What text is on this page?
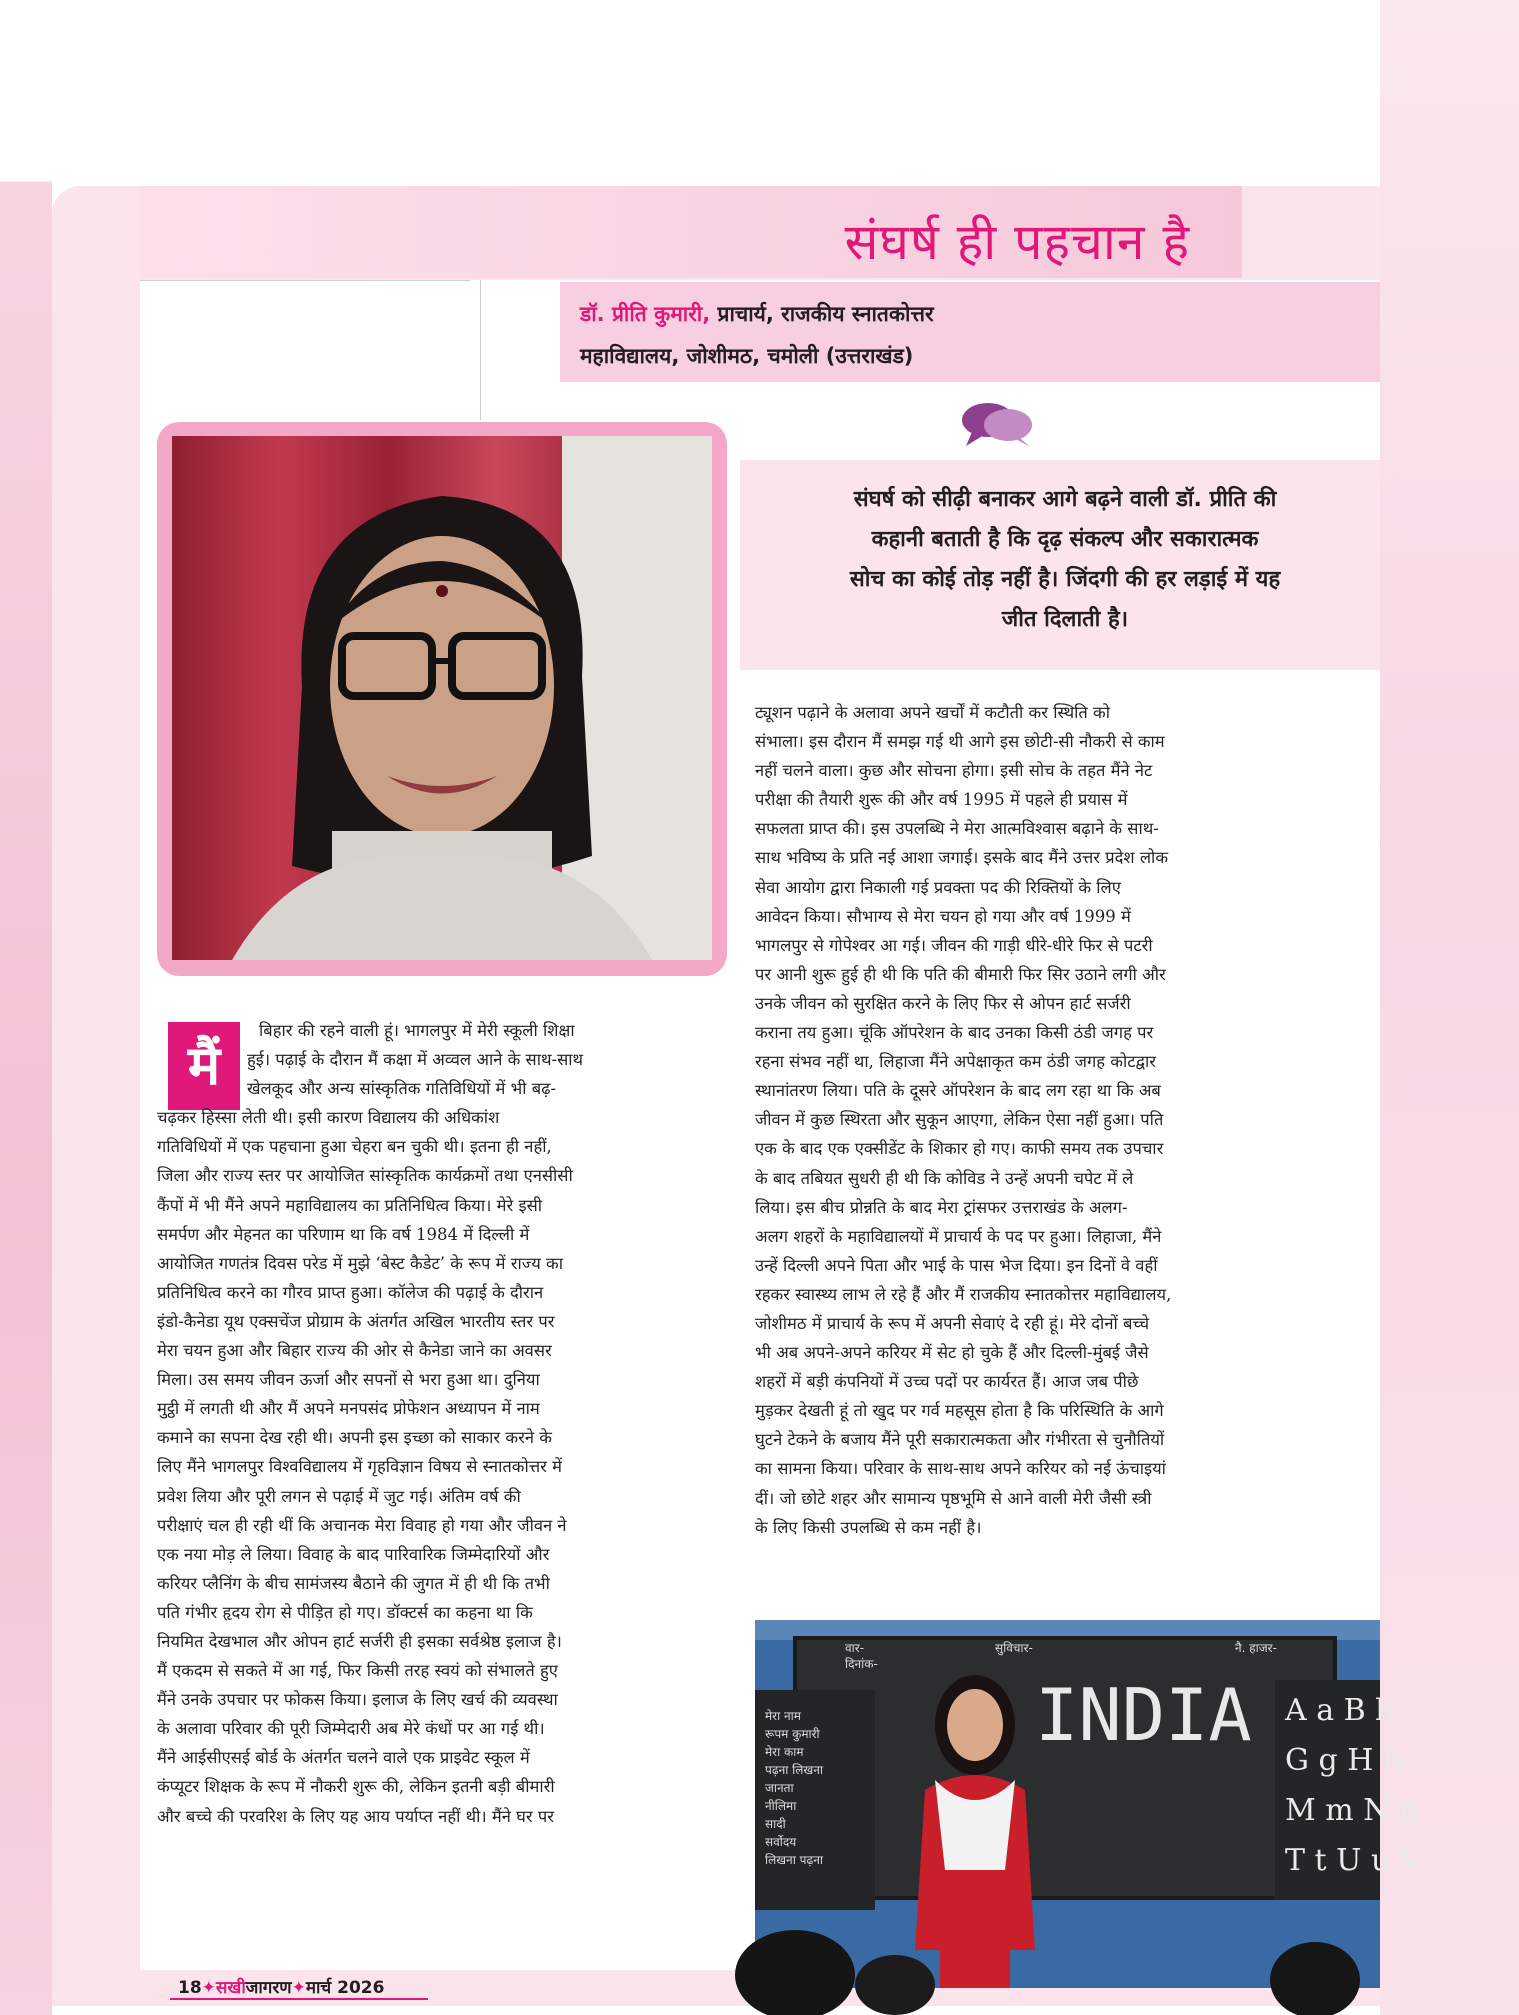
संघर्ष ही पहचान है
डॉ. प्रीति कुमारी, प्राचार्य, राजकीय स्नातकोत्तर
महाविद्यालय, जोशीमठ, चमोली (उत्तराखंड)
संघर्ष को सीढ़ी बनाकर आगे बढ़ने वाली डॉ. प्रीति की
कहानी बताती है कि दृढ़ संकल्प और सकारात्मक
सोच का कोई तोड़ नहीं है। जिंदगी की हर लड़ाई में यह
जीत दिलाती है।
ट्यूशन पढ़ाने के अलावा अपने खर्चों में कटौती कर स्थिति को
संभाला। इस दौरान मैं समझ गई थी आगे इस छोटी-सी नौकरी से काम
नहीं चलने वाला। कुछ और सोचना होगा। इसी सोच के तहत मैंने नेट
परीक्षा की तैयारी शुरू की और वर्ष 1995 में पहले ही प्रयास में
सफलता प्राप्त की। इस उपलब्धि ने मेरा आत्मविश्वास बढ़ाने के साथ-
साथ भविष्य के प्रति नई आशा जगाई। इसके बाद मैंने उत्तर प्रदेश लोक
सेवा आयोग द्वारा निकाली गई प्रवक्ता पद की रिक्तियों के लिए
आवेदन किया। सौभाग्य से मेरा चयन हो गया और वर्ष 1999 में
भागलपुर से गोपेश्वर आ गई। जीवन की गाड़ी धीरे-धीरे फिर से पटरी
पर आनी शुरू हुई ही थी कि पति की बीमारी फिर सिर उठाने लगी और
उनके जीवन को सुरक्षित करने के लिए फिर से ओपन हार्ट सर्जरी
कराना तय हुआ। चूंकि ऑपरेशन के बाद उनका किसी ठंडी जगह पर
रहना संभव नहीं था, लिहाजा मैंने अपेक्षाकृत कम ठंडी जगह कोटद्वार
स्थानांतरण लिया। पति के दूसरे ऑपरेशन के बाद लग रहा था कि अब
जीवन में कुछ स्थिरता और सुकून आएगा, लेकिन ऐसा नहीं हुआ। पति
एक के बाद एक एक्सीडेंट के शिकार हो गए। काफी समय तक उपचार
के बाद तबियत सुधरी ही थी कि कोविड ने उन्हें अपनी चपेट में ले
लिया। इस बीच प्रोन्नति के बाद मेरा ट्रांसफर उत्तराखंड के अलग-
अलग शहरों के महाविद्यालयों में प्राचार्य के पद पर हुआ। लिहाजा, मैंने
उन्हें दिल्ली अपने पिता और भाई के पास भेज दिया। इन दिनों वे वहीं
रहकर स्वास्थ्य लाभ ले रहे हैं और मैं राजकीय स्नातकोत्तर महाविद्यालय,
जोशीमठ में प्राचार्य के रूप में अपनी सेवाएं दे रही हूं। मेरे दोनों बच्चे
भी अब अपने-अपने करियर में सेट हो चुके हैं और दिल्ली-मुंबई जैसे
शहरों में बड़ी कंपनियों में उच्च पदों पर कार्यरत हैं। आज जब पीछे
मुड़कर देखती हूं तो खुद पर गर्व महसूस होता है कि परिस्थिति के आगे
घुटने टेकने के बजाय मैंने पूरी सकारात्मकता और गंभीरता से चुनौतियों
का सामना किया। परिवार के साथ-साथ अपने करियर को नई ऊंचाइयां
दीं। जो छोटे शहर और सामान्य पृष्ठभूमि से आने वाली मेरी जैसी स्त्री
के लिए किसी उपलब्धि से कम नहीं है।
मैं
बिहार की रहने वाली हूं। भागलपुर में मेरी स्कूली शिक्षा
हुई। पढ़ाई के दौरान मैं कक्षा में अव्वल आने के साथ-साथ
खेलकूद और अन्य सांस्कृतिक गतिविधियों में भी बढ़-
चढ़कर हिस्सा लेती थी। इसी कारण विद्यालय की अधिकांश
गतिविधियों में एक पहचाना हुआ चेहरा बन चुकी थी। इतना ही नहीं,
जिला और राज्य स्तर पर आयोजित सांस्कृतिक कार्यक्रमों तथा एनसीसी
कैंपों में भी मैंने अपने महाविद्यालय का प्रतिनिधित्व किया। मेरे इसी
समर्पण और मेहनत का परिणाम था कि वर्ष 1984 में दिल्ली में
आयोजित गणतंत्र दिवस परेड में मुझे ‘बेस्ट कैडेट’ के रूप में राज्य का
प्रतिनिधित्व करने का गौरव प्राप्त हुआ। कॉलेज की पढ़ाई के दौरान
इंडो-कैनेडा यूथ एक्सचेंज प्रोग्राम के अंतर्गत अखिल भारतीय स्तर पर
मेरा चयन हुआ और बिहार राज्य की ओर से कैनेडा जाने का अवसर
मिला। उस समय जीवन ऊर्जा और सपनों से भरा हुआ था। दुनिया
मुट्ठी में लगती थी और मैं अपने मनपसंद प्रोफेशन अध्यापन में नाम
कमाने का सपना देख रही थी। अपनी इस इच्छा को साकार करने के
लिए मैंने भागलपुर विश्वविद्यालय में गृहविज्ञान विषय से स्नातकोत्तर में
प्रवेश लिया और पूरी लगन से पढ़ाई में जुट गई। अंतिम वर्ष की
परीक्षाएं चल ही रही थीं कि अचानक मेरा विवाह हो गया और जीवन ने
एक नया मोड़ ले लिया। विवाह के बाद पारिवारिक जिम्मेदारियों और
करियर प्लैनिंग के बीच सामंजस्य बैठाने की जुगत में ही थी कि तभी
पति गंभीर हृदय रोग से पीड़ित हो गए। डॉक्टर्स का कहना था कि
नियमित देखभाल और ओपन हार्ट सर्जरी ही इसका सर्वश्रेष्ठ इलाज है।
मैं एकदम से सकते में आ गई, फिर किसी तरह स्वयं को संभालते हुए
मैंने उनके उपचार पर फोकस किया। इलाज के लिए खर्च की व्यवस्था
के अलावा परिवार की पूरी जिम्मेदारी अब मेरे कंधों पर आ गई थी।
मैंने आईसीएसई बोर्ड के अंतर्गत चलने वाले एक प्राइवेट स्कूल में
कंप्यूटर शिक्षक के रूप में नौकरी शुरू की, लेकिन इतनी बड़ी बीमारी
और बच्चे की परवरिश के लिए यह आय पर्याप्त नहीं थी। मैंने घर पर
INDIA
वार-
दिनांक-
सुविचार-	नै. हाजर-
A a B b
G g H h
M m N n
T t U u V
मेरा नाम
रूपम कुमारी
मेरा काम
पढ़ना लिखना
जानता
नीलिमा
सादी
सर्वोदय
लिखना पढ़ना
18✦सखीजागरण✦मार्च 2026
